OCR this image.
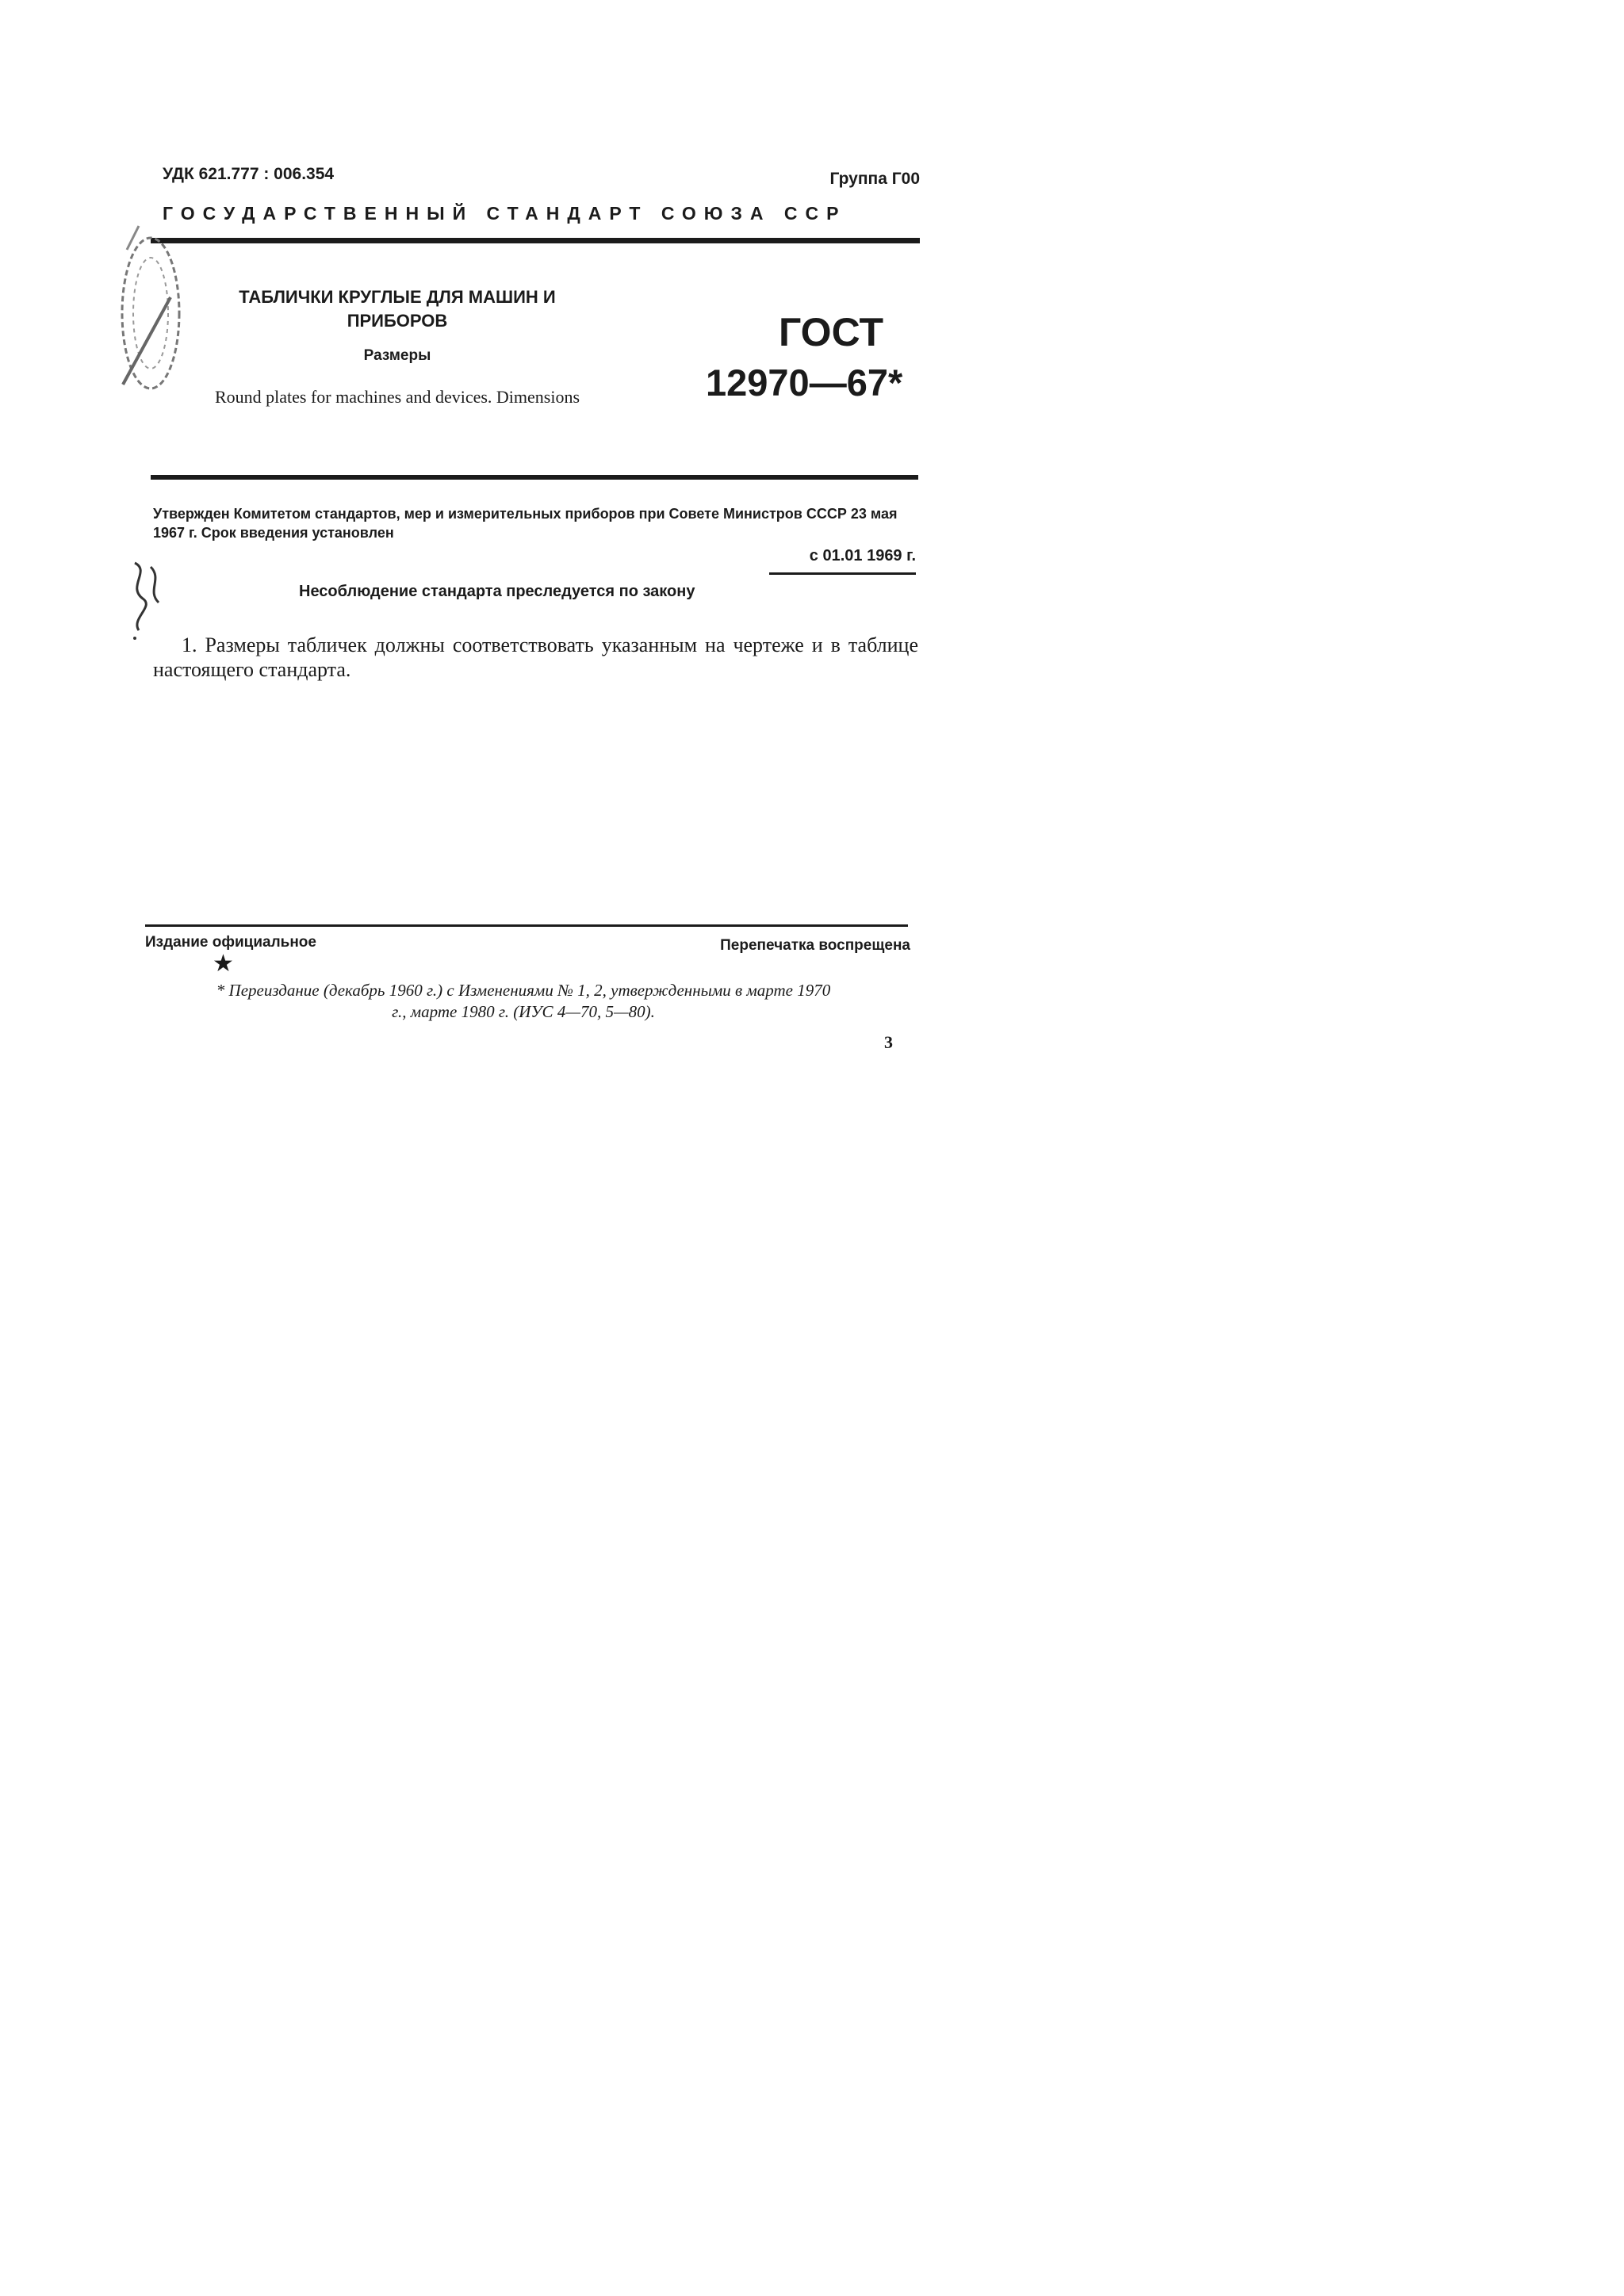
УДК 621.777 : 006.354	Группа Г00
ГОСУДАРСТВЕННЫЙ СТАНДАРТ СОЮЗА ССР
ТАБЛИЧКИ КРУГЛЫЕ ДЛЯ МАШИН И ПРИБОРОВ
Размеры
Round plates for machines and devices. Dimensions
ГОСТ
12970—67*
Утвержден Комитетом стандартов, мер и измерительных приборов при Совете Министров СССР 23 мая 1967 г. Срок введения установлен
с 01.01 1969 г.
Несоблюдение стандарта преследуется по закону
1. Размеры табличек должны соответствовать указанным на чертеже и в таблице настоящего стандарта.
Издание официальное	Перепечатка воспрещена
★
* Переиздание (декабрь 1960 г.) с Изменениями № 1, 2, утвержденными в марте 1970 г., марте 1980 г. (ИУС 4—70, 5—80).
3
